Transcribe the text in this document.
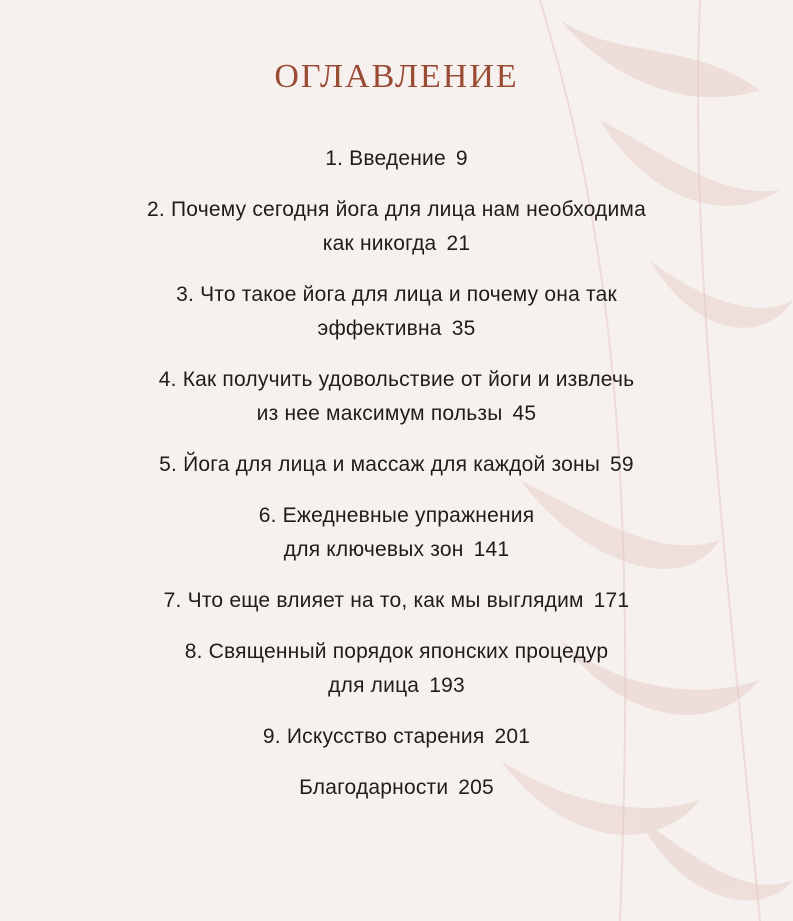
ОГЛАВЛЕНИЕ
1. Введение 9
2. Почему сегодня йога для лица нам необходима
как никогда 21
3. Что такое йога для лица и почему она так
эффективна 35
4. Как получить удовольствие от йоги и извлечь
из нее максимум пользы 45
5. Йога для лица и массаж для каждой зоны 59
6. Ежедневные упражнения
для ключевых зон 141
7. Что еще влияет на то, как мы выглядим 171
8. Священный порядок японских процедур
для лица 193
9. Искусство старения 201
Благодарности 205
